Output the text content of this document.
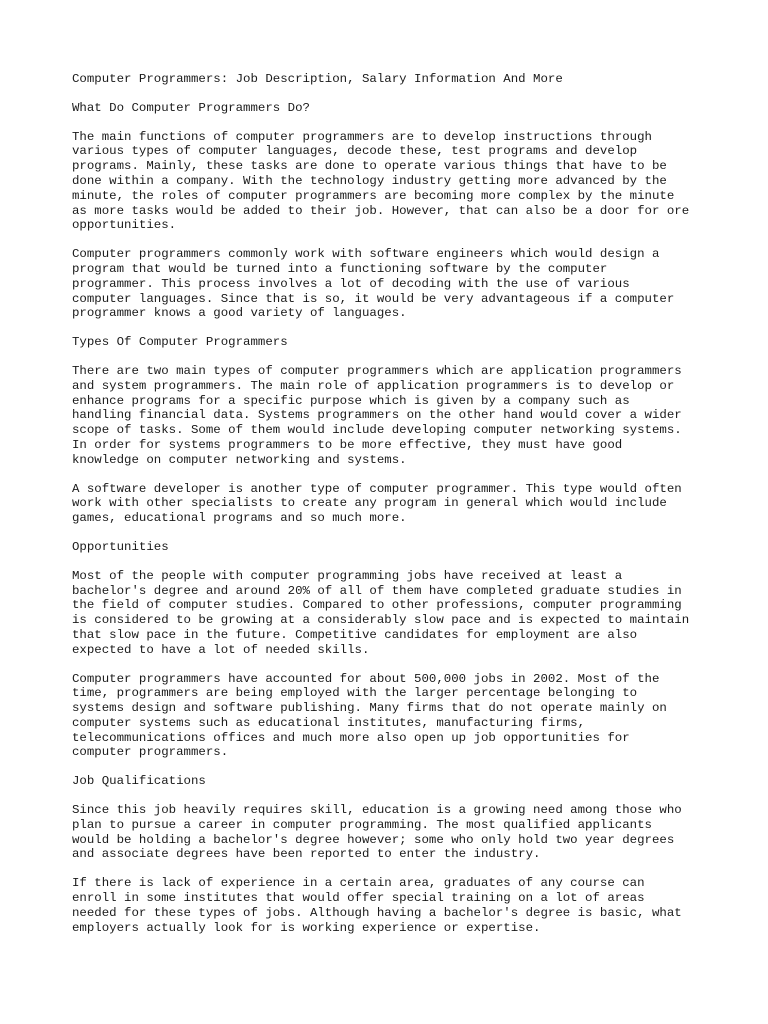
Computer Programmers: Job Description, Salary Information And More
What Do Computer Programmers Do?
The main functions of computer programmers are to develop instructions through
various types of computer languages, decode these, test programs and develop
programs. Mainly, these tasks are done to operate various things that have to be
done within a company. With the technology industry getting more advanced by the
minute, the roles of computer programmers are becoming more complex by the minute
as more tasks would be added to their job. However, that can also be a door for ore
opportunities.
Computer programmers commonly work with software engineers which would design a
program that would be turned into a functioning software by the computer
programmer. This process involves a lot of decoding with the use of various
computer languages. Since that is so, it would be very advantageous if a computer
programmer knows a good variety of languages.
Types Of Computer Programmers
There are two main types of computer programmers which are application programmers
and system programmers. The main role of application programmers is to develop or
enhance programs for a specific purpose which is given by a company such as
handling financial data. Systems programmers on the other hand would cover a wider
scope of tasks. Some of them would include developing computer networking systems.
In order for systems programmers to be more effective, they must have good
knowledge on computer networking and systems.
A software developer is another type of computer programmer. This type would often
work with other specialists to create any program in general which would include
games, educational programs and so much more.
Opportunities
Most of the people with computer programming jobs have received at least a
bachelor's degree and around 20% of all of them have completed graduate studies in
the field of computer studies. Compared to other professions, computer programming
is considered to be growing at a considerably slow pace and is expected to maintain
that slow pace in the future. Competitive candidates for employment are also
expected to have a lot of needed skills.
Computer programmers have accounted for about 500,000 jobs in 2002. Most of the
time, programmers are being employed with the larger percentage belonging to
systems design and software publishing. Many firms that do not operate mainly on
computer systems such as educational institutes, manufacturing firms,
telecommunications offices and much more also open up job opportunities for
computer programmers.
Job Qualifications
Since this job heavily requires skill, education is a growing need among those who
plan to pursue a career in computer programming. The most qualified applicants
would be holding a bachelor's degree however; some who only hold two year degrees
and associate degrees have been reported to enter the industry.
If there is lack of experience in a certain area, graduates of any course can
enroll in some institutes that would offer special training on a lot of areas
needed for these types of jobs. Although having a bachelor's degree is basic, what
employers actually look for is working experience or expertise.
